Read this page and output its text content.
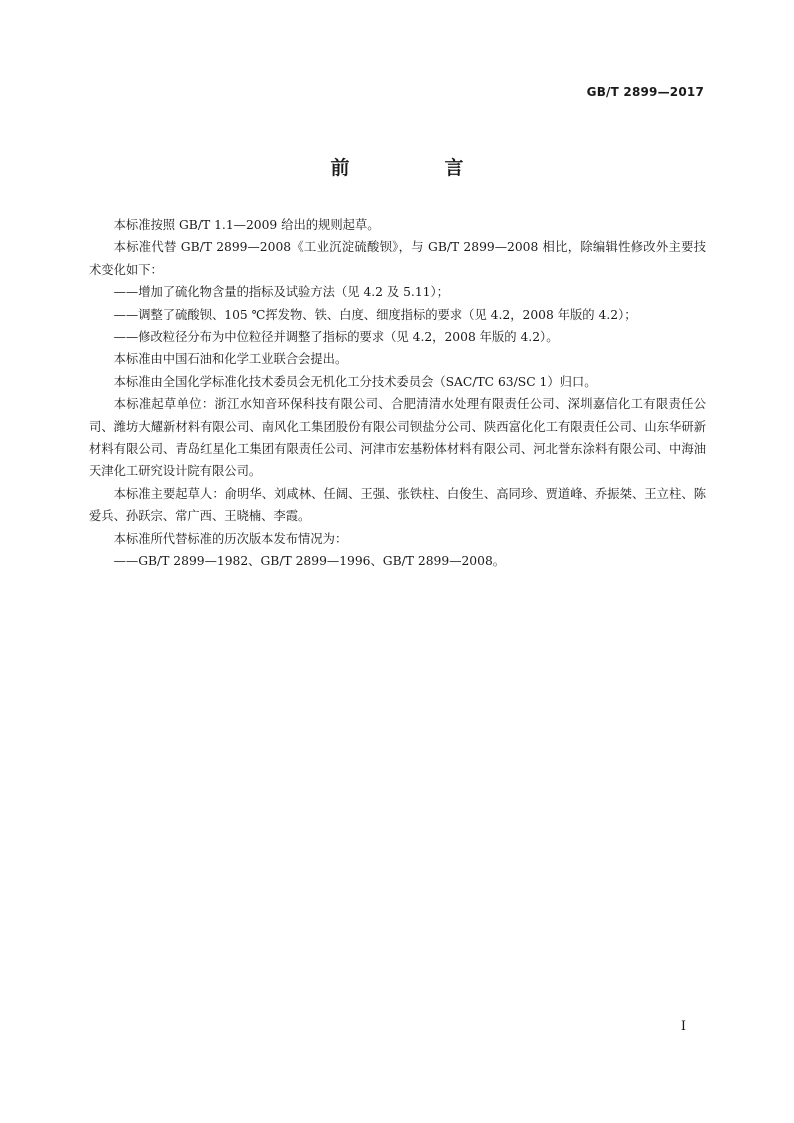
GB/T 2899—2017
前　言

本标准按照 GB/T 1.1—2009 给出的规则起草。

本标准代替 GB/T 2899—2008《工业沉淀硫酸钡》，与 GB/T 2899—2008 相比，除编辑性修改外主要技术变化如下：

——增加了硫化物含量的指标及试验方法（见 4.2 及 5.11）；

——调整了硫酸钡、105 ℃挥发物、铁、白度、细度指标的要求（见 4.2，2008 年版的 4.2）；

——修改粒径分布为中位粒径并调整了指标的要求（见 4.2，2008 年版的 4.2）。

本标准由中国石油和化学工业联合会提出。

本标准由全国化学标准化技术委员会无机化工分技术委员会（SAC/TC 63/SC 1）归口。

本标准起草单位：浙江水知音环保科技有限公司、合肥清清水处理有限责任公司、深圳嘉信化工有限责任公司、潍坊大耀新材料有限公司、南风化工集团股份有限公司钡盐分公司、陕西富化化工有限责任公司、山东华研新材料有限公司、青岛红星化工集团有限责任公司、河津市宏基粉体材料有限公司、河北誉东涂料有限公司、中海油天津化工研究设计院有限公司。

本标准主要起草人：俞明华、刘咸林、任阔、王强、张铁柱、白俊生、高同珍、贾道峰、乔振桀、王立柱、陈爱兵、孙跃宗、常广西、王晓楠、李霞。

本标准所代替标准的历次版本发布情况为：

——GB/T 2899—1982、GB/T 2899—1996、GB/T 2899—2008。

I
